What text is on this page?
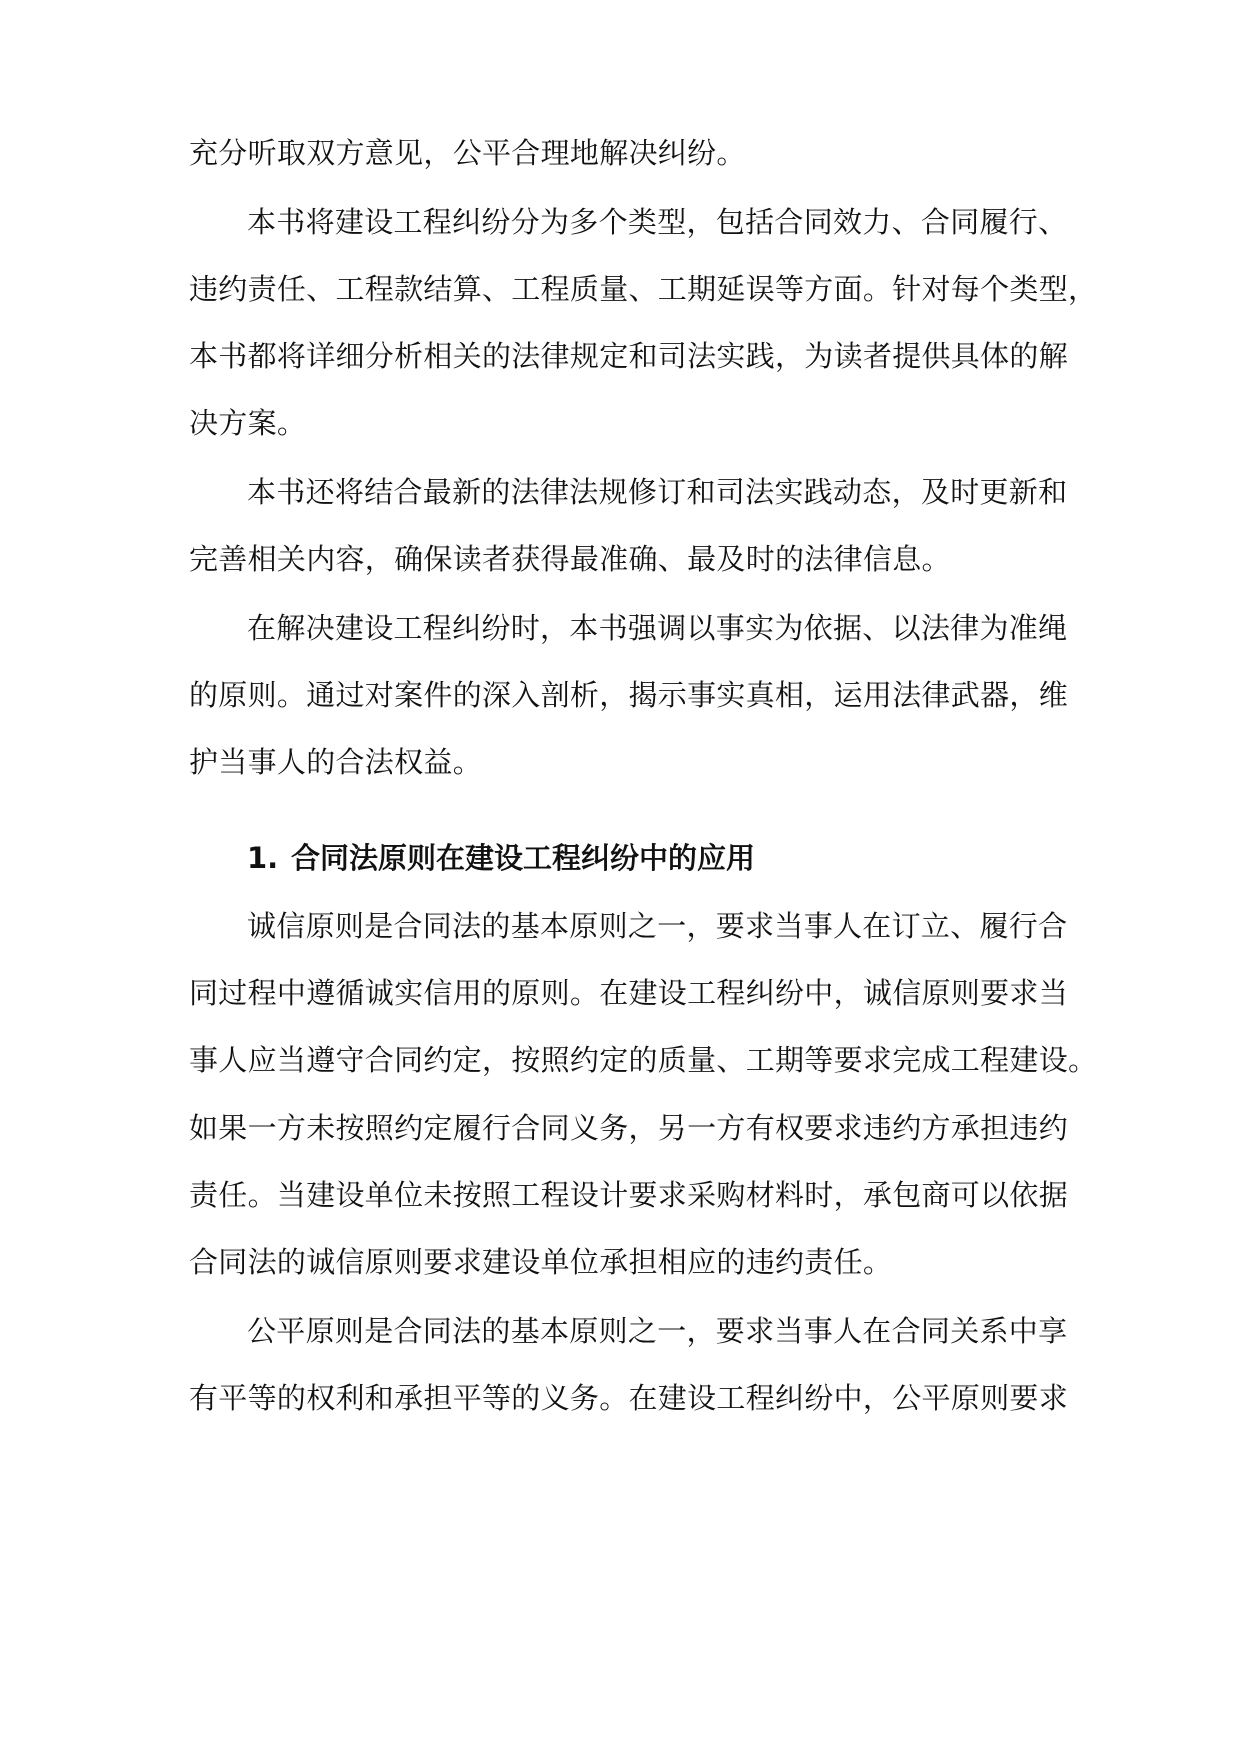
充分听取双方意见，公平合理地解决纠纷。
本书将建设工程纠纷分为多个类型，包括合同效力、合同履行、
违约责任、工程款结算、工程质量、工期延误等方面。针对每个类型，
本书都将详细分析相关的法律规定和司法实践，为读者提供具体的解
决方案。
本书还将结合最新的法律法规修订和司法实践动态，及时更新和
完善相关内容，确保读者获得最准确、最及时的法律信息。
在解决建设工程纠纷时，本书强调以事实为依据、以法律为准绳
的原则。通过对案件的深入剖析，揭示事实真相，运用法律武器，维
护当事人的合法权益。
1. 合同法原则在建设工程纠纷中的应用
诚信原则是合同法的基本原则之一，要求当事人在订立、履行合
同过程中遵循诚实信用的原则。在建设工程纠纷中，诚信原则要求当
事人应当遵守合同约定，按照约定的质量、工期等要求完成工程建设。
如果一方未按照约定履行合同义务，另一方有权要求违约方承担违约
责任。当建设单位未按照工程设计要求采购材料时，承包商可以依据
合同法的诚信原则要求建设单位承担相应的违约责任。
公平原则是合同法的基本原则之一，要求当事人在合同关系中享
有平等的权利和承担平等的义务。在建设工程纠纷中，公平原则要求
